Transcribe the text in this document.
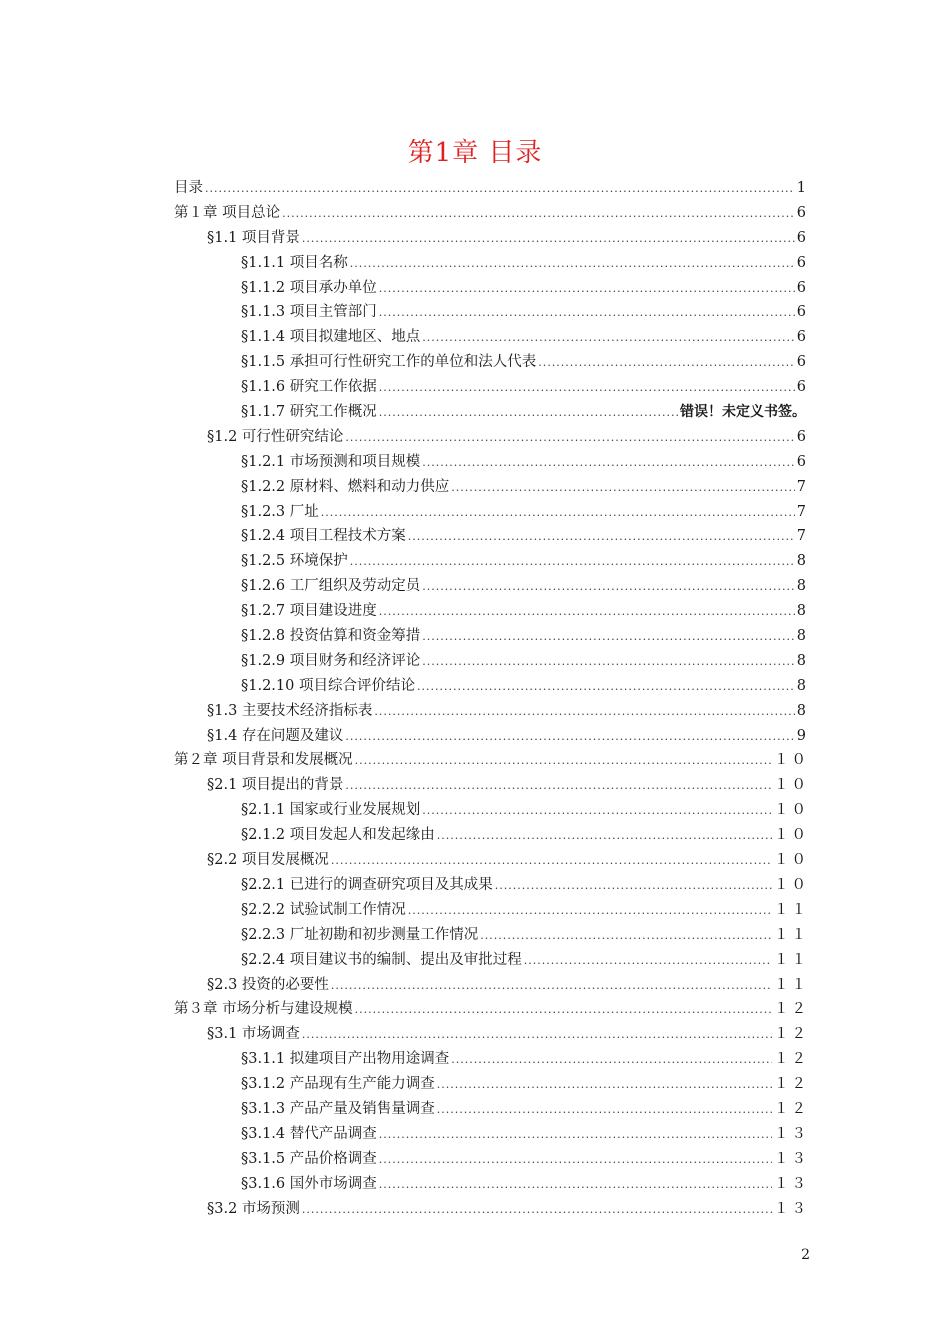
第1章 目录
目录 .....	1
第１章 项目总论 .....	6
§1.1 项目背景 .....	6
§1.1.1 项目名称 .....	6
§1.1.2 项目承办单位 .....	6
§1.1.3 项目主管部门 .....	6
§1.1.4 项目拟建地区、地点 .....	6
§1.1.5 承担可行性研究工作的单位和法人代表 .....	6
§1.1.6 研究工作依据 .....	6
§1.1.7 研究工作概况 .....	错误！未定义书签。
§1.2 可行性研究结论 .....	6
§1.2.1 市场预测和项目规模 .....	6
§1.2.2 原材料、燃料和动力供应 .....	7
§1.2.3 厂址 .....	7
§1.2.4 项目工程技术方案 .....	7
§1.2.5 环境保护 .....	8
§1.2.6 工厂组织及劳动定员 .....	8
§1.2.7 项目建设进度 .....	8
§1.2.8 投资估算和资金筹措 .....	8
§1.2.9 项目财务和经济评论 .....	8
§1.2.10 项目综合评价结论 .....	8
§1.3 主要技术经济指标表 .....	8
§1.4 存在问题及建议 .....	9
第２章 项目背景和发展概况 .....	１０
§2.1 项目提出的背景 .....	１０
§2.1.1 国家或行业发展规划 .....	１０
§2.1.2 项目发起人和发起缘由 .....	１０
§2.2 项目发展概况 .....	１０
§2.2.1 已进行的调查研究项目及其成果 .....	１０
§2.2.2 试验试制工作情况 .....	１１
§2.2.3 厂址初勘和初步测量工作情况 .....	１１
§2.2.4 项目建议书的编制、提出及审批过程 .....	１１
§2.3 投资的必要性 .....	１１
第３章 市场分析与建设规模 .....	１２
§3.1 市场调查 .....	１２
§3.1.1 拟建项目产出物用途调查 .....	１２
§3.1.2 产品现有生产能力调查 .....	１２
§3.1.3 产品产量及销售量调查 .....	１２
§3.1.4 替代产品调查 .....	１３
§3.1.5 产品价格调查 .....	１３
§3.1.6 国外市场调查 .....	１３
§3.2 市场预测 .....	１３
2
